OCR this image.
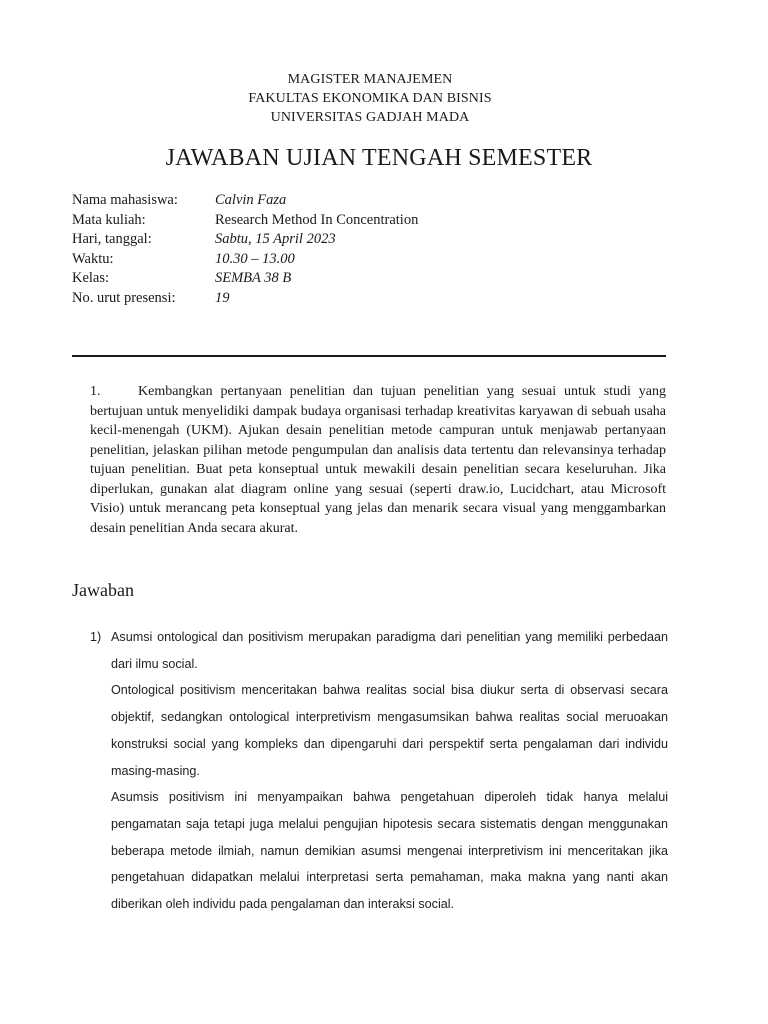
MAGISTER MANAJEMEN
FAKULTAS EKONOMIKA DAN BISNIS
UNIVERSITAS GADJAH MADA
JAWABAN UJIAN TENGAH SEMESTER
Nama mahasiswa:	Calvin Faza
Mata kuliah:	Research Method In Concentration
Hari, tanggal:	Sabtu, 15 April 2023
Waktu:	10.30 – 13.00
Kelas:	SEMBA 38 B
No. urut presensi:	19
1.	Kembangkan pertanyaan penelitian dan tujuan penelitian yang sesuai untuk studi yang bertujuan untuk menyelidiki dampak budaya organisasi terhadap kreativitas karyawan di sebuah usaha kecil-menengah (UKM). Ajukan desain penelitian metode campuran untuk menjawab pertanyaan penelitian, jelaskan pilihan metode pengumpulan dan analisis data tertentu dan relevansinya terhadap tujuan penelitian. Buat peta konseptual untuk mewakili desain penelitian secara keseluruhan. Jika diperlukan, gunakan alat diagram online yang sesuai (seperti draw.io, Lucidchart, atau Microsoft Visio) untuk merancang peta konseptual yang jelas dan menarik secara visual yang menggambarkan desain penelitian Anda secara akurat.
Jawaban
1) Asumsi ontological dan positivism merupakan paradigma dari penelitian yang memiliki perbedaan dari ilmu social.
Ontological positivism menceritakan bahwa realitas social bisa diukur serta di observasi secara objektif, sedangkan ontological interpretivism mengasumsikan bahwa realitas social meruoakan konstruksi social yang kompleks dan dipengaruhi dari perspektif serta pengalaman dari individu masing-masing.
Asumsis positivism ini menyampaikan bahwa pengetahuan diperoleh tidak hanya melalui pengamatan saja tetapi juga melalui pengujian hipotesis secara sistematis dengan menggunakan beberapa metode ilmiah, namun demikian asumsi mengenai interpretivism ini menceritakan jika pengetahuan didapatkan melalui interpretasi serta pemahaman, maka makna yang nanti akan diberikan oleh individu pada pengalaman dan interaksi social.
